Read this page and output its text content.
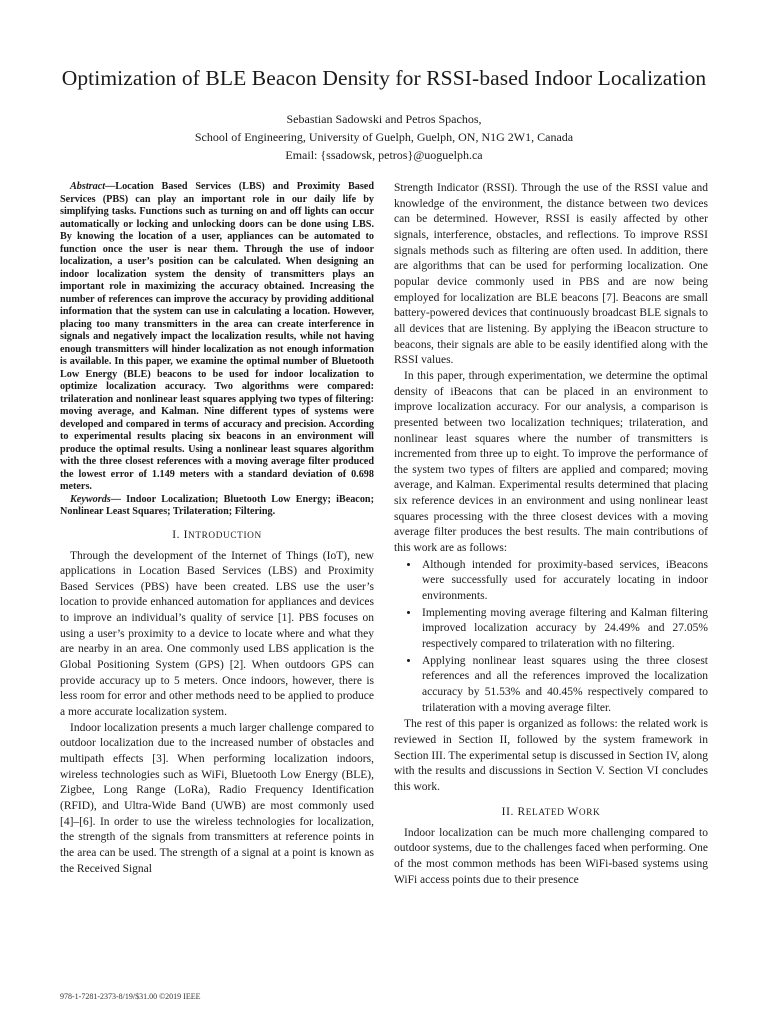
Optimization of BLE Beacon Density for RSSI-based Indoor Localization
Sebastian Sadowski and Petros Spachos,
School of Engineering, University of Guelph, Guelph, ON, N1G 2W1, Canada
Email: {ssadowsk, petros}@uoguelph.ca

Abstract—Location Based Services (LBS) and Proximity Based Services (PBS) can play an important role in our daily life by simplifying tasks. Functions such as turning on and off lights can occur automatically or locking and unlocking doors can be done using LBS. By knowing the location of a user, appliances can be automated to function once the user is near them. Through the use of indoor localization, a user’s position can be calculated. When designing an indoor localization system the density of transmitters plays an important role in maximizing the accuracy obtained. Increasing the number of references can improve the accuracy by providing additional information that the system can use in calculating a location. However, placing too many transmitters in the area can create interference in signals and negatively impact the localization results, while not having enough transmitters will hinder localization as not enough information is available. In this paper, we examine the optimal number of Bluetooth Low Energy (BLE) beacons to be used for indoor localization to optimize localization accuracy. Two algorithms were compared: trilateration and nonlinear least squares applying two types of filtering: moving average, and Kalman. Nine different types of systems were developed and compared in terms of accuracy and precision. According to experimental results placing six beacons in an environment will produce the optimal results. Using a nonlinear least squares algorithm with the three closest references with a moving average filter produced the lowest error of 1.149 meters with a standard deviation of 0.698 meters.

Keywords— Indoor Localization; Bluetooth Low Energy; iBeacon; Nonlinear Least Squares; Trilateration; Filtering.

I. INTRODUCTION

Through the development of the Internet of Things (IoT), new applications in Location Based Services (LBS) and Proximity Based Services (PBS) have been created. LBS use the user’s location to provide enhanced automation for appliances and devices to improve an individual’s quality of service [1]. PBS focuses on using a user’s proximity to a device to locate where and what they are nearby in an area. One commonly used LBS application is the Global Positioning System (GPS) [2]. When outdoors GPS can provide accuracy up to 5 meters. Once indoors, however, there is less room for error and other methods need to be applied to produce a more accurate localization system.

Indoor localization presents a much larger challenge compared to outdoor localization due to the increased number of obstacles and multipath effects [3]. When performing localization indoors, wireless technologies such as WiFi, Bluetooth Low Energy (BLE), Zigbee, Long Range (LoRa), Radio Frequency Identification (RFID), and Ultra-Wide Band (UWB) are most commonly used [4]–[6]. In order to use the wireless technologies for localization, the strength of the signals from transmitters at reference points in the area can be used. The strength of a signal at a point is known as the Received Signal

Strength Indicator (RSSI). Through the use of the RSSI value and knowledge of the environment, the distance between two devices can be determined. However, RSSI is easily affected by other signals, interference, obstacles, and reflections. To improve RSSI signals methods such as filtering are often used. In addition, there are algorithms that can be used for performing localization. One popular device commonly used in PBS and are now being employed for localization are BLE beacons [7]. Beacons are small battery-powered devices that continuously broadcast BLE signals to all devices that are listening. By applying the iBeacon structure to beacons, their signals are able to be easily identified along with the RSSI values.

In this paper, through experimentation, we determine the optimal density of iBeacons that can be placed in an environment to improve localization accuracy. For our analysis, a comparison is presented between two localization techniques; trilateration, and nonlinear least squares where the number of transmitters is incremented from three up to eight. To improve the performance of the system two types of filters are applied and compared; moving average, and Kalman. Experimental results determined that placing six reference devices in an environment and using nonlinear least squares processing with the three closest devices with a moving average filter produces the best results. The main contributions of this work are as follows:

• Although intended for proximity-based services, iBeacons were successfully used for accurately locating in indoor environments.
• Implementing moving average filtering and Kalman filtering improved localization accuracy by 24.49% and 27.05% respectively compared to trilateration with no filtering.
• Applying nonlinear least squares using the three closest references and all the references improved the localization accuracy by 51.53% and 40.45% respectively compared to trilateration with a moving average filter.

The rest of this paper is organized as follows: the related work is reviewed in Section II, followed by the system framework in Section III. The experimental setup is discussed in Section IV, along with the results and discussions in Section V. Section VI concludes this work.

II. RELATED WORK

Indoor localization can be much more challenging compared to outdoor systems, due to the challenges faced when performing. One of the most common methods has been WiFi-based systems using WiFi access points due to their presence

978-1-7281-2373-8/19/$31.00 ©2019 IEEE
